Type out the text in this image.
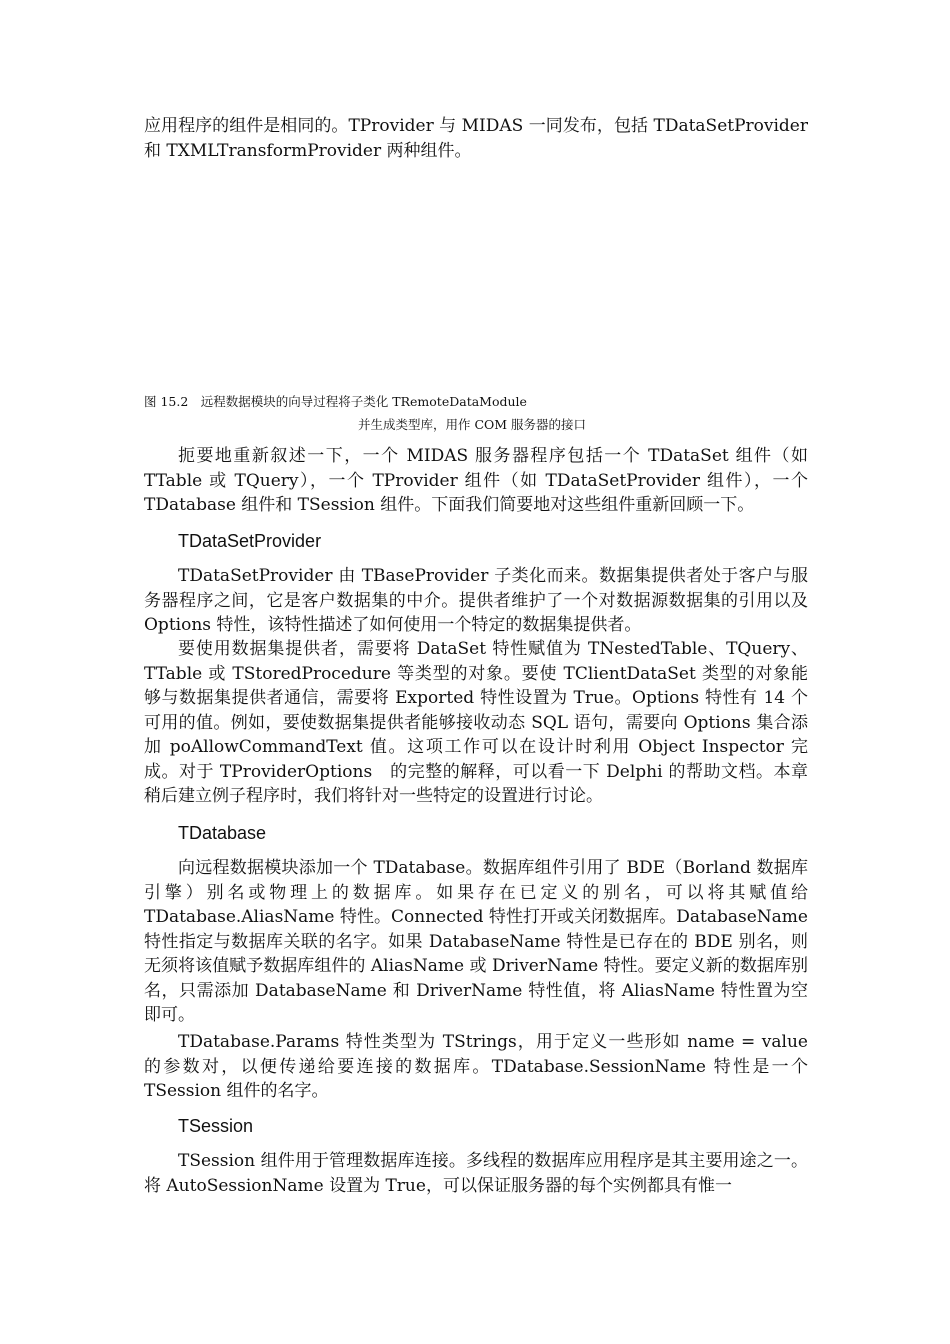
应用程序的组件是相同的。TProvider 与 MIDAS 一同发布，包括 TDataSetProvider 和 TXMLTransformProvider 两种组件。

图 15.2　远程数据模块的向导过程将子类化 TRemoteDataModule

并生成类型库，用作 COM 服务器的接口

扼要地重新叙述一下，一个 MIDAS 服务器程序包括一个 TDataSet 组件（如 TTable 或 TQuery），一个 TProvider 组件（如 TDataSetProvider 组件），一个 TDatabase 组件和 TSession 组件。下面我们简要地对这些组件重新回顾一下。

TDataSetProvider

TDataSetProvider 由 TBaseProvider 子类化而来。数据集提供者处于客户与服务器程序之间，它是客户数据集的中介。提供者维护了一个对数据源数据集的引用以及 Options 特性，该特性描述了如何使用一个特定的数据集提供者。

要使用数据集提供者，需要将 DataSet 特性赋值为 TNestedTable、TQuery、TTable 或 TStoredProcedure 等类型的对象。要使 TClientDataSet 类型的对象能够与数据集提供者通信，需要将 Exported 特性设置为 True。Options 特性有 14 个可用的值。例如，要使数据集提供者能够接收动态 SQL 语句，需要向 Options 集合添加 poAllowCommandText 值。这项工作可以在设计时利用 Object Inspector 完成。对于 TProviderOptions　的完整的解释，可以看一下 Delphi 的帮助文档。本章稍后建立例子程序时，我们将针对一些特定的设置进行讨论。

TDatabase

向远程数据模块添加一个 TDatabase。数据库组件引用了 BDE（Borland 数据库引擎）别名或物理上的数据库。如果存在已定义的别名，可以将其赋值给 TDatabase.AliasName 特性。Connected 特性打开或关闭数据库。DatabaseName 特性指定与数据库关联的名字。如果 DatabaseName 特性是已存在的 BDE 别名，则无须将该值赋予数据库组件的 AliasName 或 DriverName 特性。要定义新的数据库别名，只需添加 DatabaseName 和 DriverName 特性值，将 AliasName 特性置为空即可。

TDatabase.Params 特性类型为 TStrings，用于定义一些形如 name = value 的参数对，以便传递给要连接的数据库。TDatabase.SessionName 特性是一个 TSession 组件的名字。

TSession

TSession 组件用于管理数据库连接。多线程的数据库应用程序是其主要用途之一。将 AutoSessionName 设置为 True，可以保证服务器的每个实例都具有惟一
